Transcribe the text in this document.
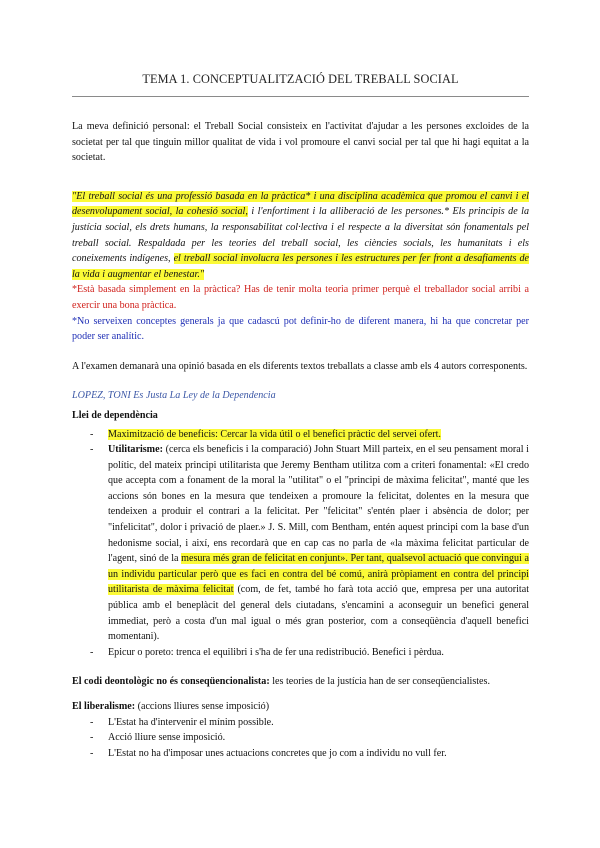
TEMA 1. CONCEPTUALITZACIÓ DEL TREBALL SOCIAL

La meva definició personal: el Treball Social consisteix en l'activitat d'ajudar a les persones excloides de la societat per tal que tinguin millor qualitat de vida i vol promoure el canvi social per tal que hi hagi equitat a la societat.

"El treball social és una professió basada en la pràctica* i una disciplina acadèmica que promou el canvi i el desenvolupament social, la cohesió social, i l'enfortiment i la alliberació de les persones.* Els principis de la justícia social, els drets humans, la responsabilitat col·lectiva i el respecte a la diversitat són fonamentals pel treball social. Respaldada per les teories del treball social, les ciències socials, les humanitats i els coneixements indígenes, el treball social involucra les persones i les estructures per fer front a desafiaments de la vida i augmentar el benestar."

*Està basada simplement en la pràctica? Has de tenir molta teoria primer perquè el treballador social arribi a exercir una bona pràctica.

*No serveixen conceptes generals ja que cadascú pot definir-ho de diferent manera, hi ha que concretar per poder ser analític.

A l'examen demanarà una opinió basada en els diferents textos treballats a classe amb els 4 autors corresponents.

LOPEZ, TONI Es Justa La Ley de la Dependencia

Llei de dependència

- Maximització de beneficis: Cercar la vida útil o el benefici pràctic del servei ofert.
- Utilitarisme: (cerca els beneficis i la comparació) John Stuart Mill parteix, en el seu pensament moral i polític, del mateix principi utilitarista que Jeremy Bentham utilitza com a criteri fonamental: «El credo que accepta com a fonament de la moral la "utilitat" o el "principi de màxima felicitat", manté que les accions són bones en la mesura que tendeixen a promoure la felicitat, dolentes en la mesura que tendeixen a produir el contrari a la felicitat. Per "felicitat" s'entén plaer i absència de dolor; per "infelicitat", dolor i privació de plaer.» J. S. Mill, com Bentham, entén aquest principi com la base d'un hedonisme social, i així, ens recordarà que en cap cas no parla de «la màxima felicitat particular de l'agent, sinó de la mesura més gran de felicitat en conjunt». Per tant, qualsevol actuació que convingui a un individu particular però que es faci en contra del bé comú, anirà pròpiament en contra del principi utilitarista de màxima felicitat (com, de fet, també ho farà tota acció que, empresa per una autoritat pública amb el beneplàcit del general dels ciutadans, s'encamini a aconseguir un benefici general immediat, però a costa d'un mal igual o més gran posterior, com a conseqüència d'aquell benefici momentani).
- Epicur o poreto: trenca el equilibri i s'ha de fer una redistribució. Benefici i pèrdua.

El codi deontològic no és conseqüencionalista: les teories de la justícia han de ser conseqüencialistes.

El liberalisme: (accions lliures sense imposició)

- L'Estat ha d'intervenir el mínim possible.
- Acció lliure sense imposició.
- L'Estat no ha d'imposar unes actuacions concretes que jo com a individu no vull fer.
